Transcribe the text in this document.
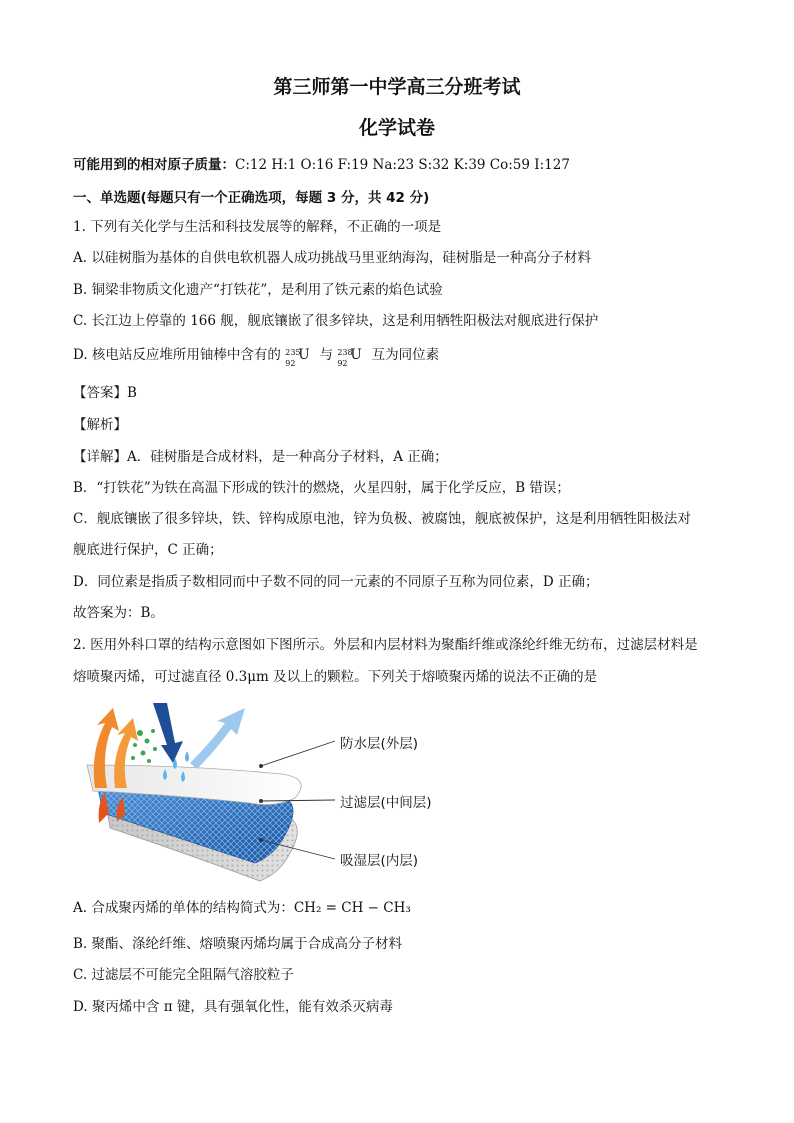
第三师第一中学高三分班考试
化学试卷
可能用到的相对原子质量：C:12 H:1 O:16 F:19 Na:23 S:32 K:39 Co:59 I:127
一、单选题(每题只有一个正确选项，每题 3 分，共 42 分)
1. 下列有关化学与生活和科技发展等的解释，不正确的一项是
A. 以硅树脂为基体的自供电软机器人成功挑战马里亚纳海沟，硅树脂是一种高分子材料
B. 铜梁非物质文化遗产“打铁花”，是利用了铁元素的焰色试验
C. 长江边上停靠的 166 舰，舰底镶嵌了很多锌块，这是利用牺牲阳极法对舰底进行保护
D. 核电站反应堆所用铀棒中含有的 235
92
U 与 238
92
U 互为同位素
【答案】B
【解析】
【详解】A．硅树脂是合成材料，是一种高分子材料，A 正确；
B．“打铁花”为铁在高温下形成的铁汁的燃烧，火星四射，属于化学反应，B 错误；
C．舰底镶嵌了很多锌块，铁、锌构成原电池，锌为负极、被腐蚀，舰底被保护，这是利用牺牲阳极法对
舰底进行保护，C 正确；
D．同位素是指质子数相同而中子数不同的同一元素的不同原子互称为同位素，D 正确；
故答案为：B。
2. 医用外科口罩的结构示意图如下图所示。外层和内层材料为聚酯纤维或涤纶纤维无纺布，过滤层材料是
熔喷聚丙烯，可过滤直径 0.3μm 及以上的颗粒。下列关于熔喷聚丙烯的说法不正确的是
防水层(外层)
过滤层(中间层)
吸湿层(内层)
A. 合成聚丙烯的单体的结构简式为：CH₂ = CH − CH₃
B. 聚酯、涤纶纤维、熔喷聚丙烯均属于合成高分子材料
C. 过滤层不可能完全阻隔气溶胶粒子
D. 聚丙烯中含 π 键，具有强氧化性，能有效杀灭病毒
